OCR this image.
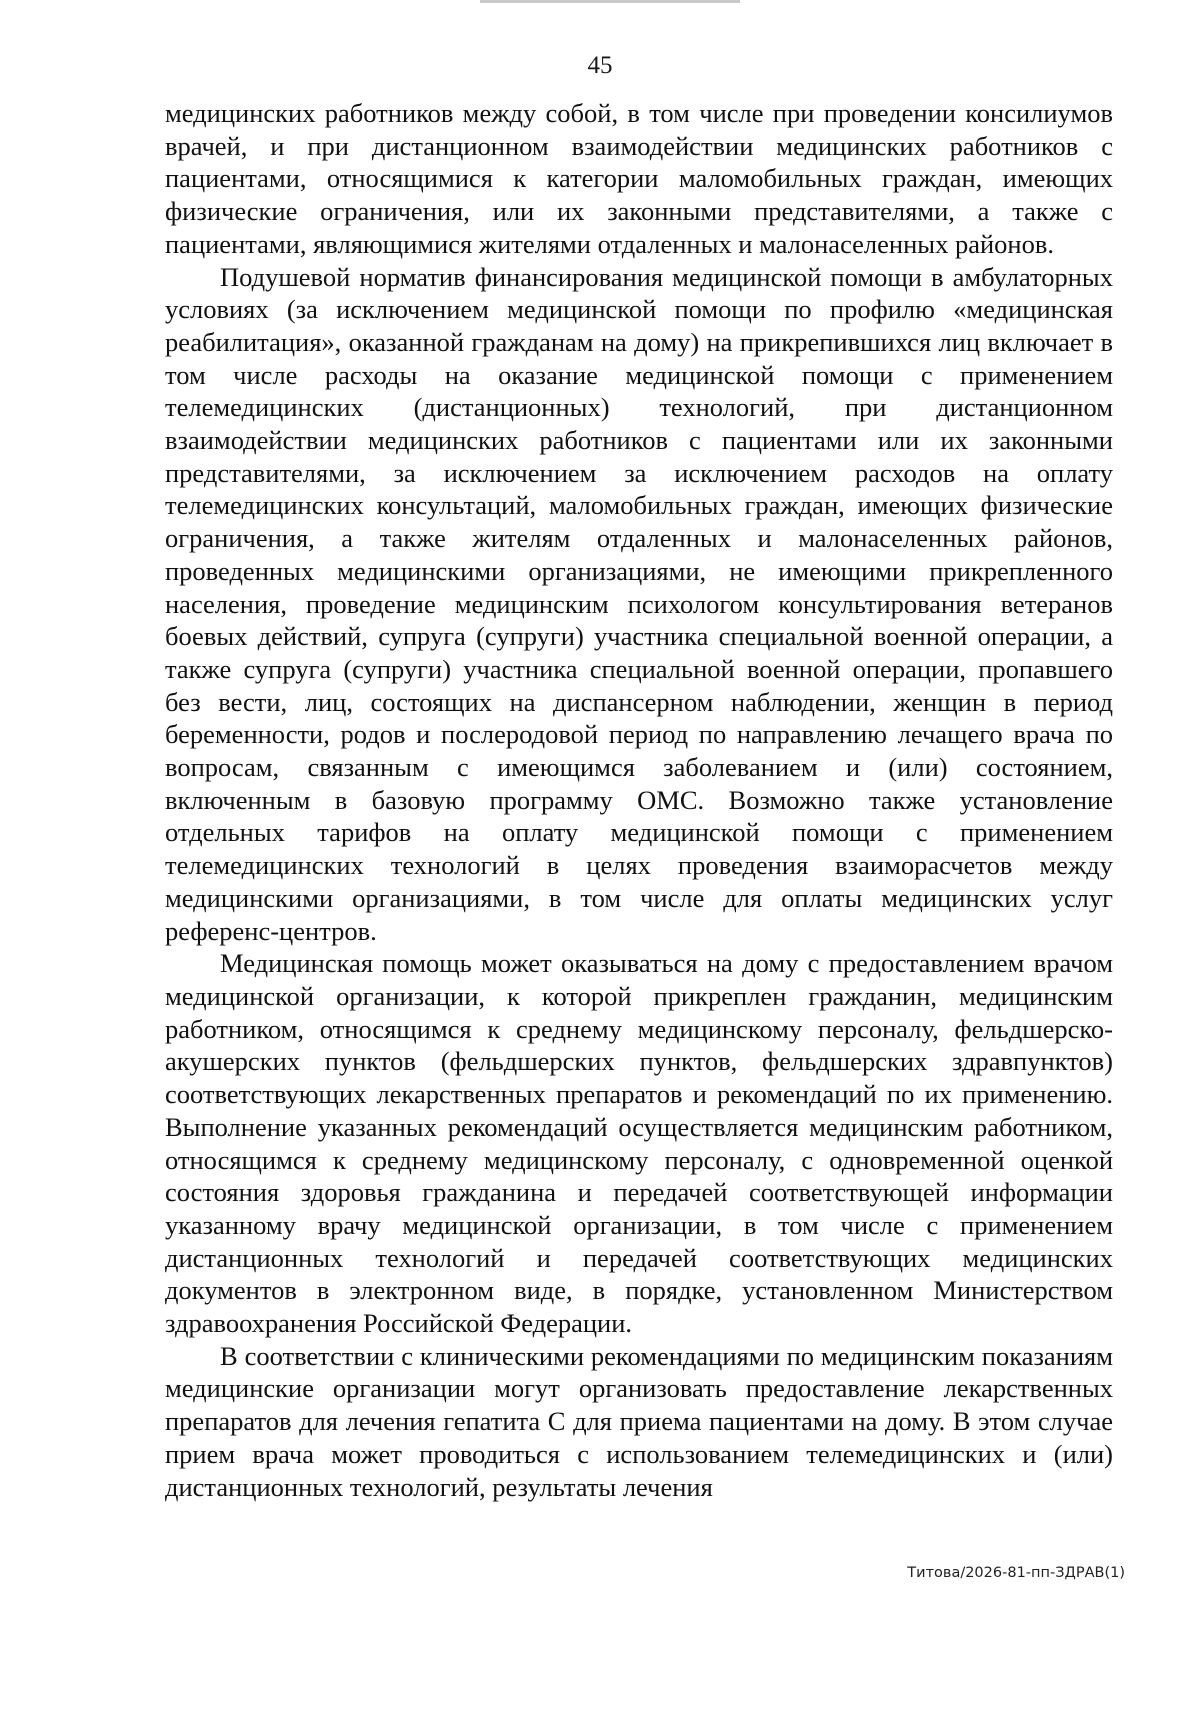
45

медицинских работников между собой, в том числе при проведении консилиумов врачей, и при дистанционном взаимодействии медицинских работников с пациентами, относящимися к категории маломобильных граждан, имеющих физические ограничения, или их законными представителями, а также с пациентами, являющимися жителями отдаленных и малонаселенных районов.

Подушевой норматив финансирования медицинской помощи в амбулаторных условиях (за исключением медицинской помощи по профилю «медицинская реабилитация», оказанной гражданам на дому) на прикрепившихся лиц включает в том числе расходы на оказание медицинской помощи с применением телемедицинских (дистанционных) технологий, при дистанционном взаимодействии медицинских работников с пациентами или их законными представителями, за исключением за исключением расходов на оплату телемедицинских консультаций, маломобильных граждан, имеющих физические ограничения, а также жителям отдаленных и малонаселенных районов, проведенных медицинскими организациями, не имеющими прикрепленного населения, проведение медицинским психологом консультирования ветеранов боевых действий, супруга (супруги) участника специальной военной операции, а также супруга (супруги) участника специальной военной операции, пропавшего без вести, лиц, состоящих на диспансерном наблюдении, женщин в период беременности, родов и послеродовой период по направлению лечащего врача по вопросам, связанным с имеющимся заболеванием и (или) состоянием, включенным в базовую программу ОМС. Возможно также установление отдельных тарифов на оплату медицинской помощи с применением телемедицинских технологий в целях проведения взаиморасчетов между медицинскими организациями, в том числе для оплаты медицинских услуг референс-центров.

Медицинская помощь может оказываться на дому с предоставлением врачом медицинской организации, к которой прикреплен гражданин, медицинским работником, относящимся к среднему медицинскому персоналу, фельдшерско-акушерских пунктов (фельдшерских пунктов, фельдшерских здравпунктов) соответствующих лекарственных препаратов и рекомендаций по их применению. Выполнение указанных рекомендаций осуществляется медицинским работником, относящимся к среднему медицинскому персоналу, с одновременной оценкой состояния здоровья гражданина и передачей соответствующей информации указанному врачу медицинской организации, в том числе с применением дистанционных технологий и передачей соответствующих медицинских документов в электронном виде, в порядке, установленном Министерством здравоохранения Российской Федерации.

В соответствии с клиническими рекомендациями по медицинским показаниям медицинские организации могут организовать предоставление лекарственных препаратов для лечения гепатита С для приема пациентами на дому. В этом случае прием врача может проводиться с использованием телемедицинских и (или) дистанционных технологий, результаты лечения

Титова/2026-81-пп-ЗДРАВ(1)
